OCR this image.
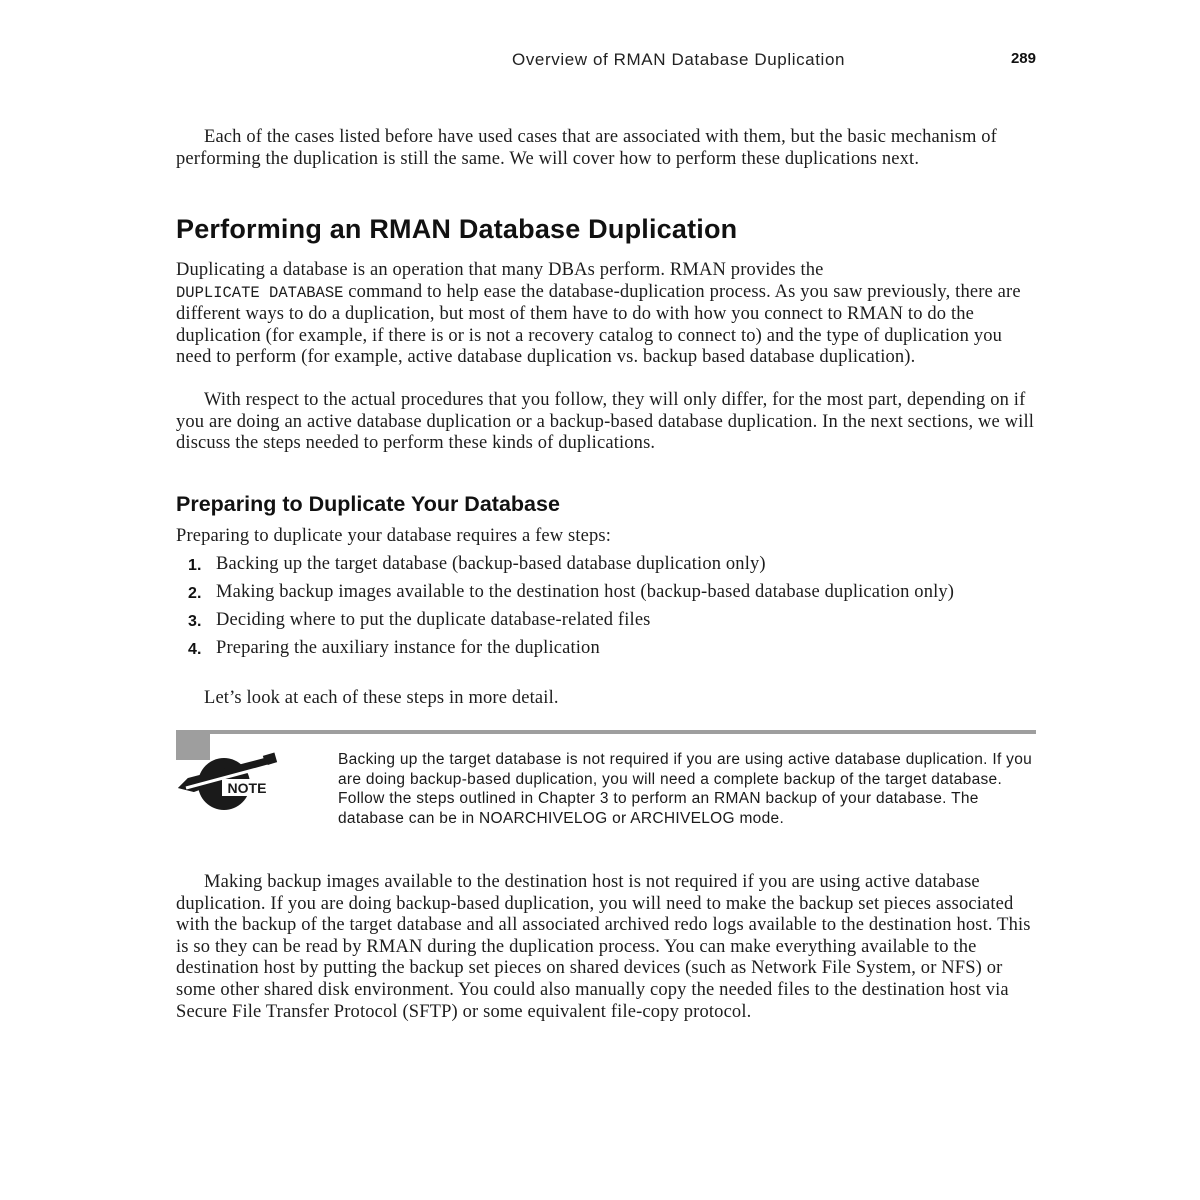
Overview of RMAN Database Duplication	289

Each of the cases listed before have used cases that are associated with them, but the basic mechanism of performing the duplication is still the same. We will cover how to perform these duplications next.

Performing an RMAN Database Duplication

Duplicating a database is an operation that many DBAs perform. RMAN provides the
DUPLICATE DATABASE command to help ease the database-duplication process. As you saw previously, there are different ways to do a duplication, but most of them have to do with how you connect to RMAN to do the duplication (for example, if there is or is not a recovery catalog to connect to) and the type of duplication you need to perform (for example, active database duplication vs. backup based database duplication).

With respect to the actual procedures that you follow, they will only differ, for the most part, depending on if you are doing an active database duplication or a backup-based database duplication. In the next sections, we will discuss the steps needed to perform these kinds of duplications.

Preparing to Duplicate Your Database

Preparing to duplicate your database requires a few steps:

1. Backing up the target database (backup-based database duplication only)
2. Making backup images available to the destination host (backup-based database duplication only)
3. Deciding where to put the duplicate database-related files
4. Preparing the auxiliary instance for the duplication

Let’s look at each of these steps in more detail.

NOTE

Backing up the target database is not required if you are using active database duplication. If you are doing backup-based duplication, you will need a complete backup of the target database. Follow the steps outlined in Chapter 3 to perform an RMAN backup of your database. The database can be in NOARCHIVELOG or ARCHIVELOG mode.

Making backup images available to the destination host is not required if you are using active database duplication. If you are doing backup-based duplication, you will need to make the backup set pieces associated with the backup of the target database and all associated archived redo logs available to the destination host. This is so they can be read by RMAN during the duplication process. You can make everything available to the destination host by putting the backup set pieces on shared devices (such as Network File System, or NFS) or some other shared disk environment. You could also manually copy the needed files to the destination host via Secure File Transfer Protocol (SFTP) or some equivalent file-copy protocol.
